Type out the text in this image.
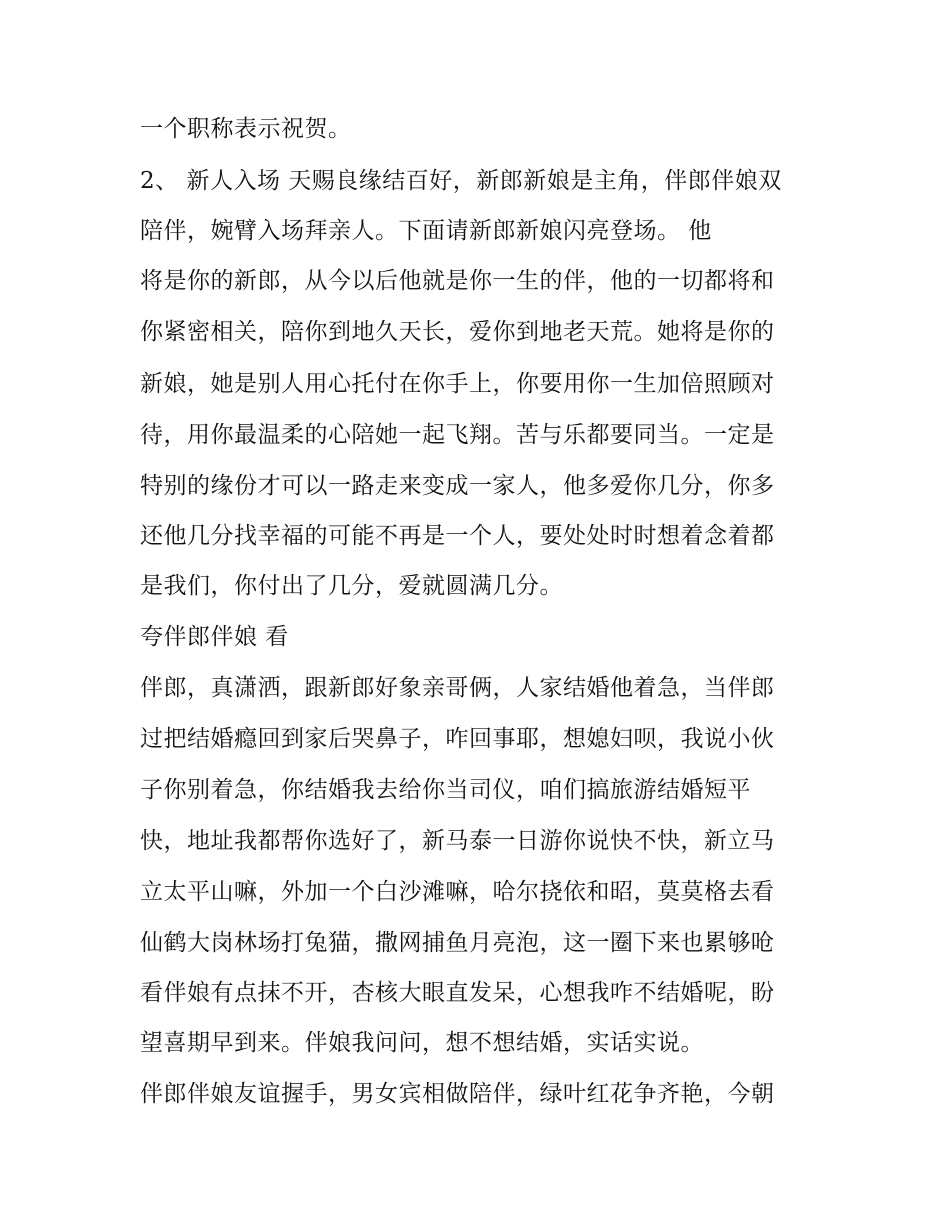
一个职称表示祝贺。
2、 新人入场 天赐良缘结百好，新郎新娘是主角，伴郎伴娘双
陪伴，婉臂入场拜亲人。下面请新郎新娘闪亮登场。 他
将是你的新郎，从今以后他就是你一生的伴，他的一切都将和
你紧密相关，陪你到地久天长，爱你到地老天荒。她将是你的
新娘，她是别人用心托付在你手上，你要用你一生加倍照顾对
待，用你最温柔的心陪她一起飞翔。苦与乐都要同当。一定是
特别的缘份才可以一路走来变成一家人，他多爱你几分，你多
还他几分找幸福的可能不再是一个人，要处处时时想着念着都
是我们，你付出了几分，爱就圆满几分。
夸伴郎伴娘 看
伴郎，真潇洒，跟新郎好象亲哥俩，人家结婚他着急，当伴郎
过把结婚瘾回到家后哭鼻子，咋回事耶，想媳妇呗，我说小伙
子你别着急，你结婚我去给你当司仪，咱们搞旅游结婚短平
快，地址我都帮你选好了，新马泰一日游你说快不快，新立马
立太平山嘛，外加一个白沙滩嘛，哈尔挠依和昭，莫莫格去看
仙鹤大岗林场打兔猫，撒网捕鱼月亮泡，这一圈下来也累够呛
看伴娘有点抹不开，杏核大眼直发呆，心想我咋不结婚呢，盼
望喜期早到来。伴娘我问问，想不想结婚，实话实说。
伴郎伴娘友谊握手，男女宾相做陪伴，绿叶红花争齐艳，今朝
